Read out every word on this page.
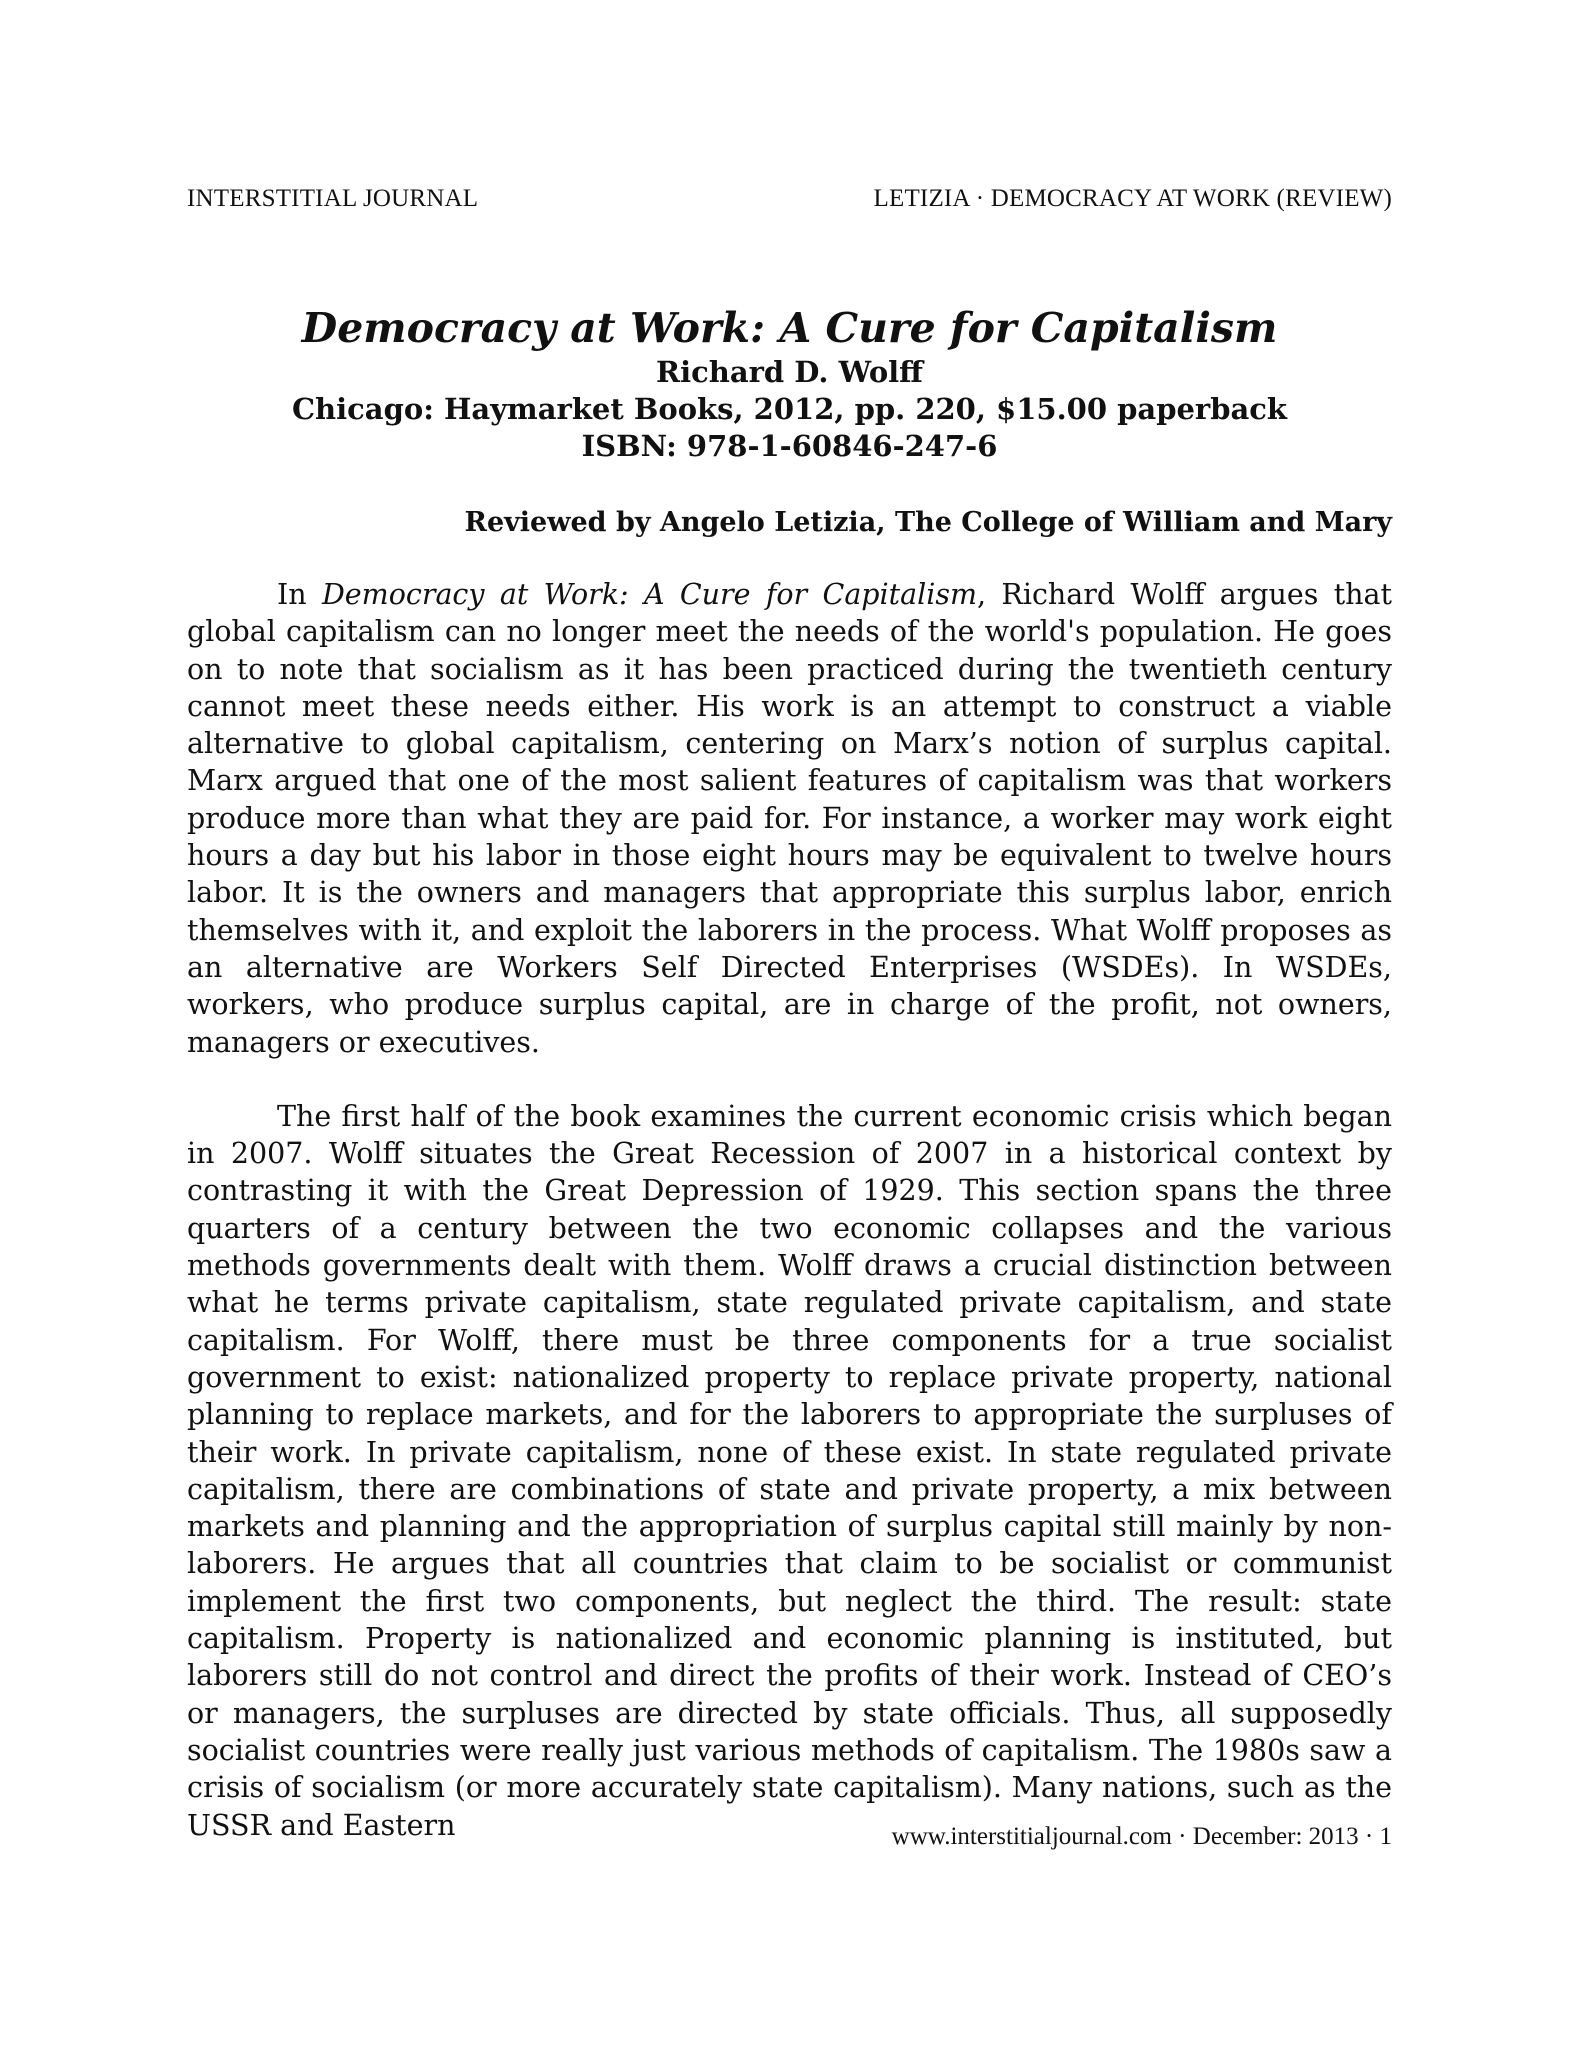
INTERSTITIAL JOURNAL	LETIZIA · DEMOCRACY AT WORK (REVIEW)
Democracy at Work: A Cure for Capitalism
Richard D. Wolff
Chicago: Haymarket Books, 2012, pp. 220, $15.00 paperback
ISBN: 978-1-60846-247-6
Reviewed by Angelo Letizia, The College of William and Mary

In Democracy at Work: A Cure for Capitalism, Richard Wolff argues that global capitalism can no longer meet the needs of the world's population. He goes on to note that socialism as it has been practiced during the twentieth century cannot meet these needs either. His work is an attempt to construct a viable alternative to global capitalism, centering on Marx’s notion of surplus capital. Marx argued that one of the most salient features of capitalism was that workers produce more than what they are paid for. For instance, a worker may work eight hours a day but his labor in those eight hours may be equivalent to twelve hours labor. It is the owners and managers that appropriate this surplus labor, enrich themselves with it, and exploit the laborers in the process. What Wolff proposes as an alternative are Workers Self Directed Enterprises (WSDEs). In WSDEs, workers, who produce surplus capital, are in charge of the profit, not owners, managers or executives.

The first half of the book examines the current economic crisis which began in 2007. Wolff situates the Great Recession of 2007 in a historical context by contrasting it with the Great Depression of 1929. This section spans the three quarters of a century between the two economic collapses and the various methods governments dealt with them. Wolff draws a crucial distinction between what he terms private capitalism, state regulated private capitalism, and state capitalism. For Wolff, there must be three components for a true socialist government to exist: nationalized property to replace private property, national planning to replace markets, and for the laborers to appropriate the surpluses of their work. In private capitalism, none of these exist. In state regulated private capitalism, there are combinations of state and private property, a mix between markets and planning and the appropriation of surplus capital still mainly by non-laborers. He argues that all countries that claim to be socialist or communist implement the first two components, but neglect the third. The result: state capitalism. Property is nationalized and economic planning is instituted, but laborers still do not control and direct the profits of their work. Instead of CEO’s or managers, the surpluses are directed by state officials. Thus, all supposedly socialist countries were really just various methods of capitalism. The 1980s saw a crisis of socialism (or more accurately state capitalism). Many nations, such as the USSR and Eastern	www.interstitialjournal.com · December: 2013 · 1
